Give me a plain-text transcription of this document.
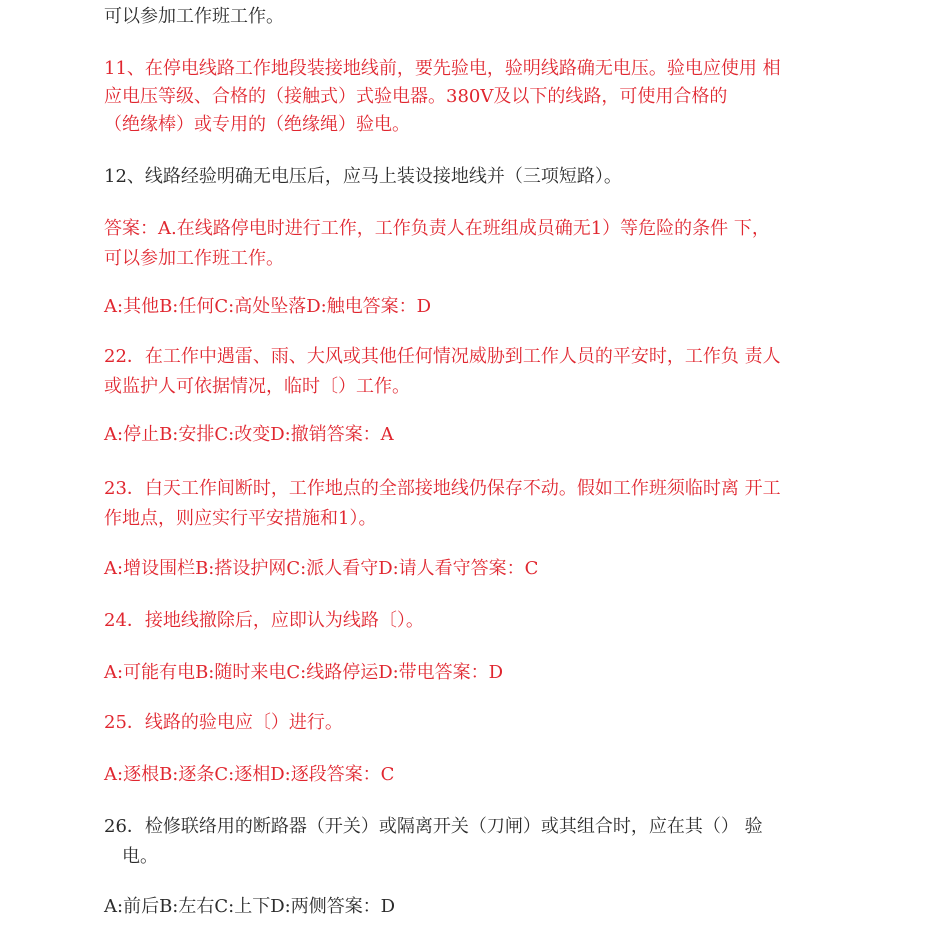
可以参加工作班工作。
11、在停电线路工作地段装接地线前，要先验电，验明线路确无电压。验电应使用 相
应电压等级、合格的（接触式）式验电器。380V及以下的线路，可使用合格的
（绝缘棒）或专用的（绝缘绳）验电。
12、线路经验明确无电压后，应马上装设接地线并（三项短路）。
答案：A.在线路停电时进行工作，工作负责人在班组成员确无1）等危险的条件 下，
可以参加工作班工作。
A:其他B:任何C:高处坠落D:触电答案：D
22．在工作中遇雷、雨、大风或其他任何情况威胁到工作人员的平安时，工作负 责人
或监护人可依据情况，临时〔）工作。
A:停止B:安排C:改变D:撤销答案：A
23．白天工作间断时，工作地点的全部接地线仍保存不动。假如工作班须临时离 开工
作地点，则应实行平安措施和1）。
A:增设围栏B:搭设护网C:派人看守D:请人看守答案：C
24．接地线撤除后，应即认为线路〔）。
A:可能有电B:随时来电C:线路停运D:带电答案：D
25．线路的验电应〔）进行。
A:逐根B:逐条C:逐相D:逐段答案：C
26．检修联络用的断路器（开关）或隔离开关（刀闸）或其组合时，应在其（） 验
电。
A:前后B:左右C:上下D:两侧答案：D
